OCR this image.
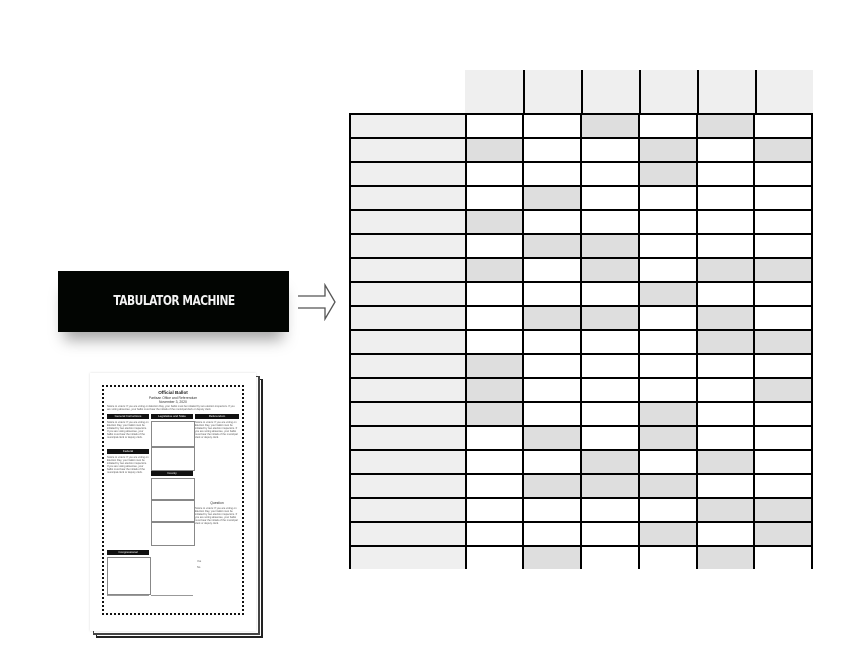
TABULATOR MACHINE
Official Ballot
Partisan Office and Referendum
November 3, 2020
Notice to voters: If you are voting on Election Day, your ballot must be initialed by two election inspectors. If you are voting absentee, your ballot must bear the initials of the municipal clerk or deputy clerk.
General Instructions	Legislative and State	Referendum
Notice to voters: If you are voting on Election Day, your ballot must be initialed by two election inspectors. If you are voting absentee, your ballot must bear the initials of the municipal clerk or deputy clerk.
Federal
Notice to voters: If you are voting on Election Day, your ballot must be initialed by two election inspectors. If you are voting absentee, your ballot must bear the initials of the municipal clerk or deputy clerk.
Congressional
County
Notice to voters: If you are voting on Election Day, your ballot must be initialed by two election inspectors. If you are voting absentee, your ballot must bear the initials of the municipal clerk or deputy clerk.
Question
Notice to voters: If you are voting on Election Day, your ballot must be initialed by two election inspectors. If you are voting absentee, your ballot must bear the initials of the municipal clerk or deputy clerk.
Yes
No
